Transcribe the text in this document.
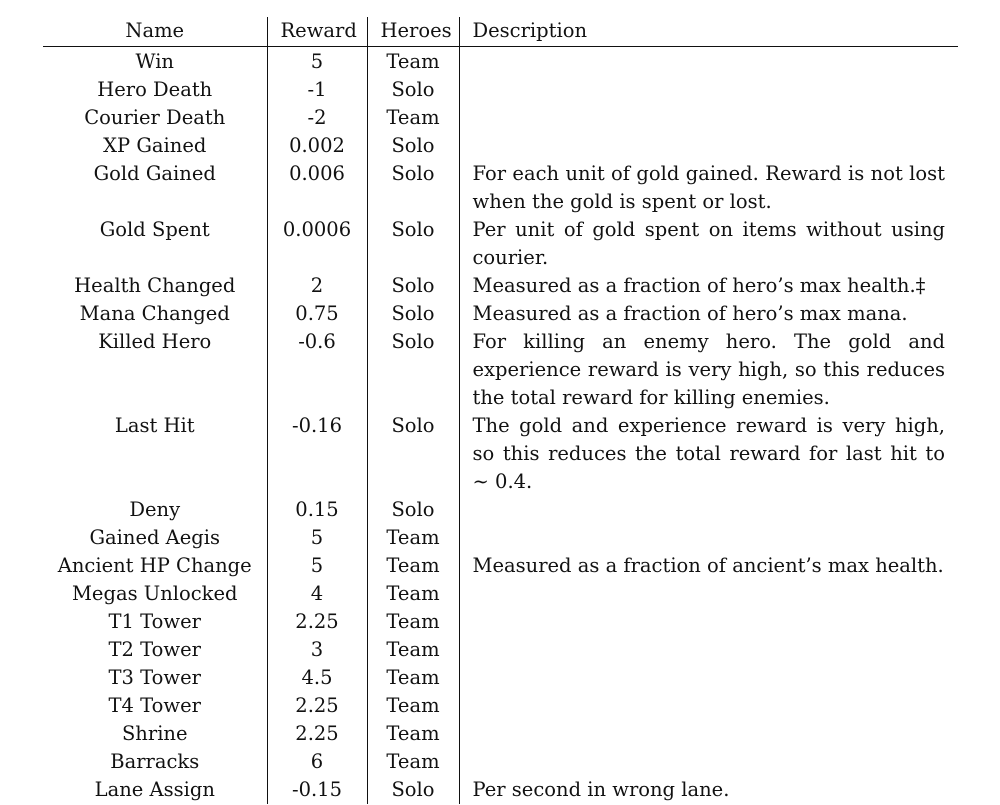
Name	Reward	Heroes	Description
Win	5	Team	
Hero Death	-1	Solo	
Courier Death	-2	Team	
XP Gained	0.002	Solo	
Gold Gained	0.006	Solo	For each unit of gold gained. Reward is not lost when the gold is spent or lost.
Gold Spent	0.0006	Solo	Per unit of gold spent on items without using courier.
Health Changed	2	Solo	Measured as a fraction of hero’s max health.‡
Mana Changed	0.75	Solo	Measured as a fraction of hero’s max mana.
Killed Hero	-0.6	Solo	For killing an enemy hero. The gold and experience reward is very high, so this reduces the total reward for killing enemies.
Last Hit	-0.16	Solo	The gold and experience reward is very high, so this reduces the total reward for last hit to ∼ 0.4.
Deny	0.15	Solo	
Gained Aegis	5	Team	
Ancient HP Change	5	Team	Measured as a fraction of ancient’s max health.
Megas Unlocked	4	Team	
T1 Tower	2.25	Team	
T2 Tower	3	Team	
T3 Tower	4.5	Team	
T4 Tower	2.25	Team	
Shrine	2.25	Team	
Barracks	6	Team	
Lane Assign	-0.15	Solo	Per second in wrong lane.
